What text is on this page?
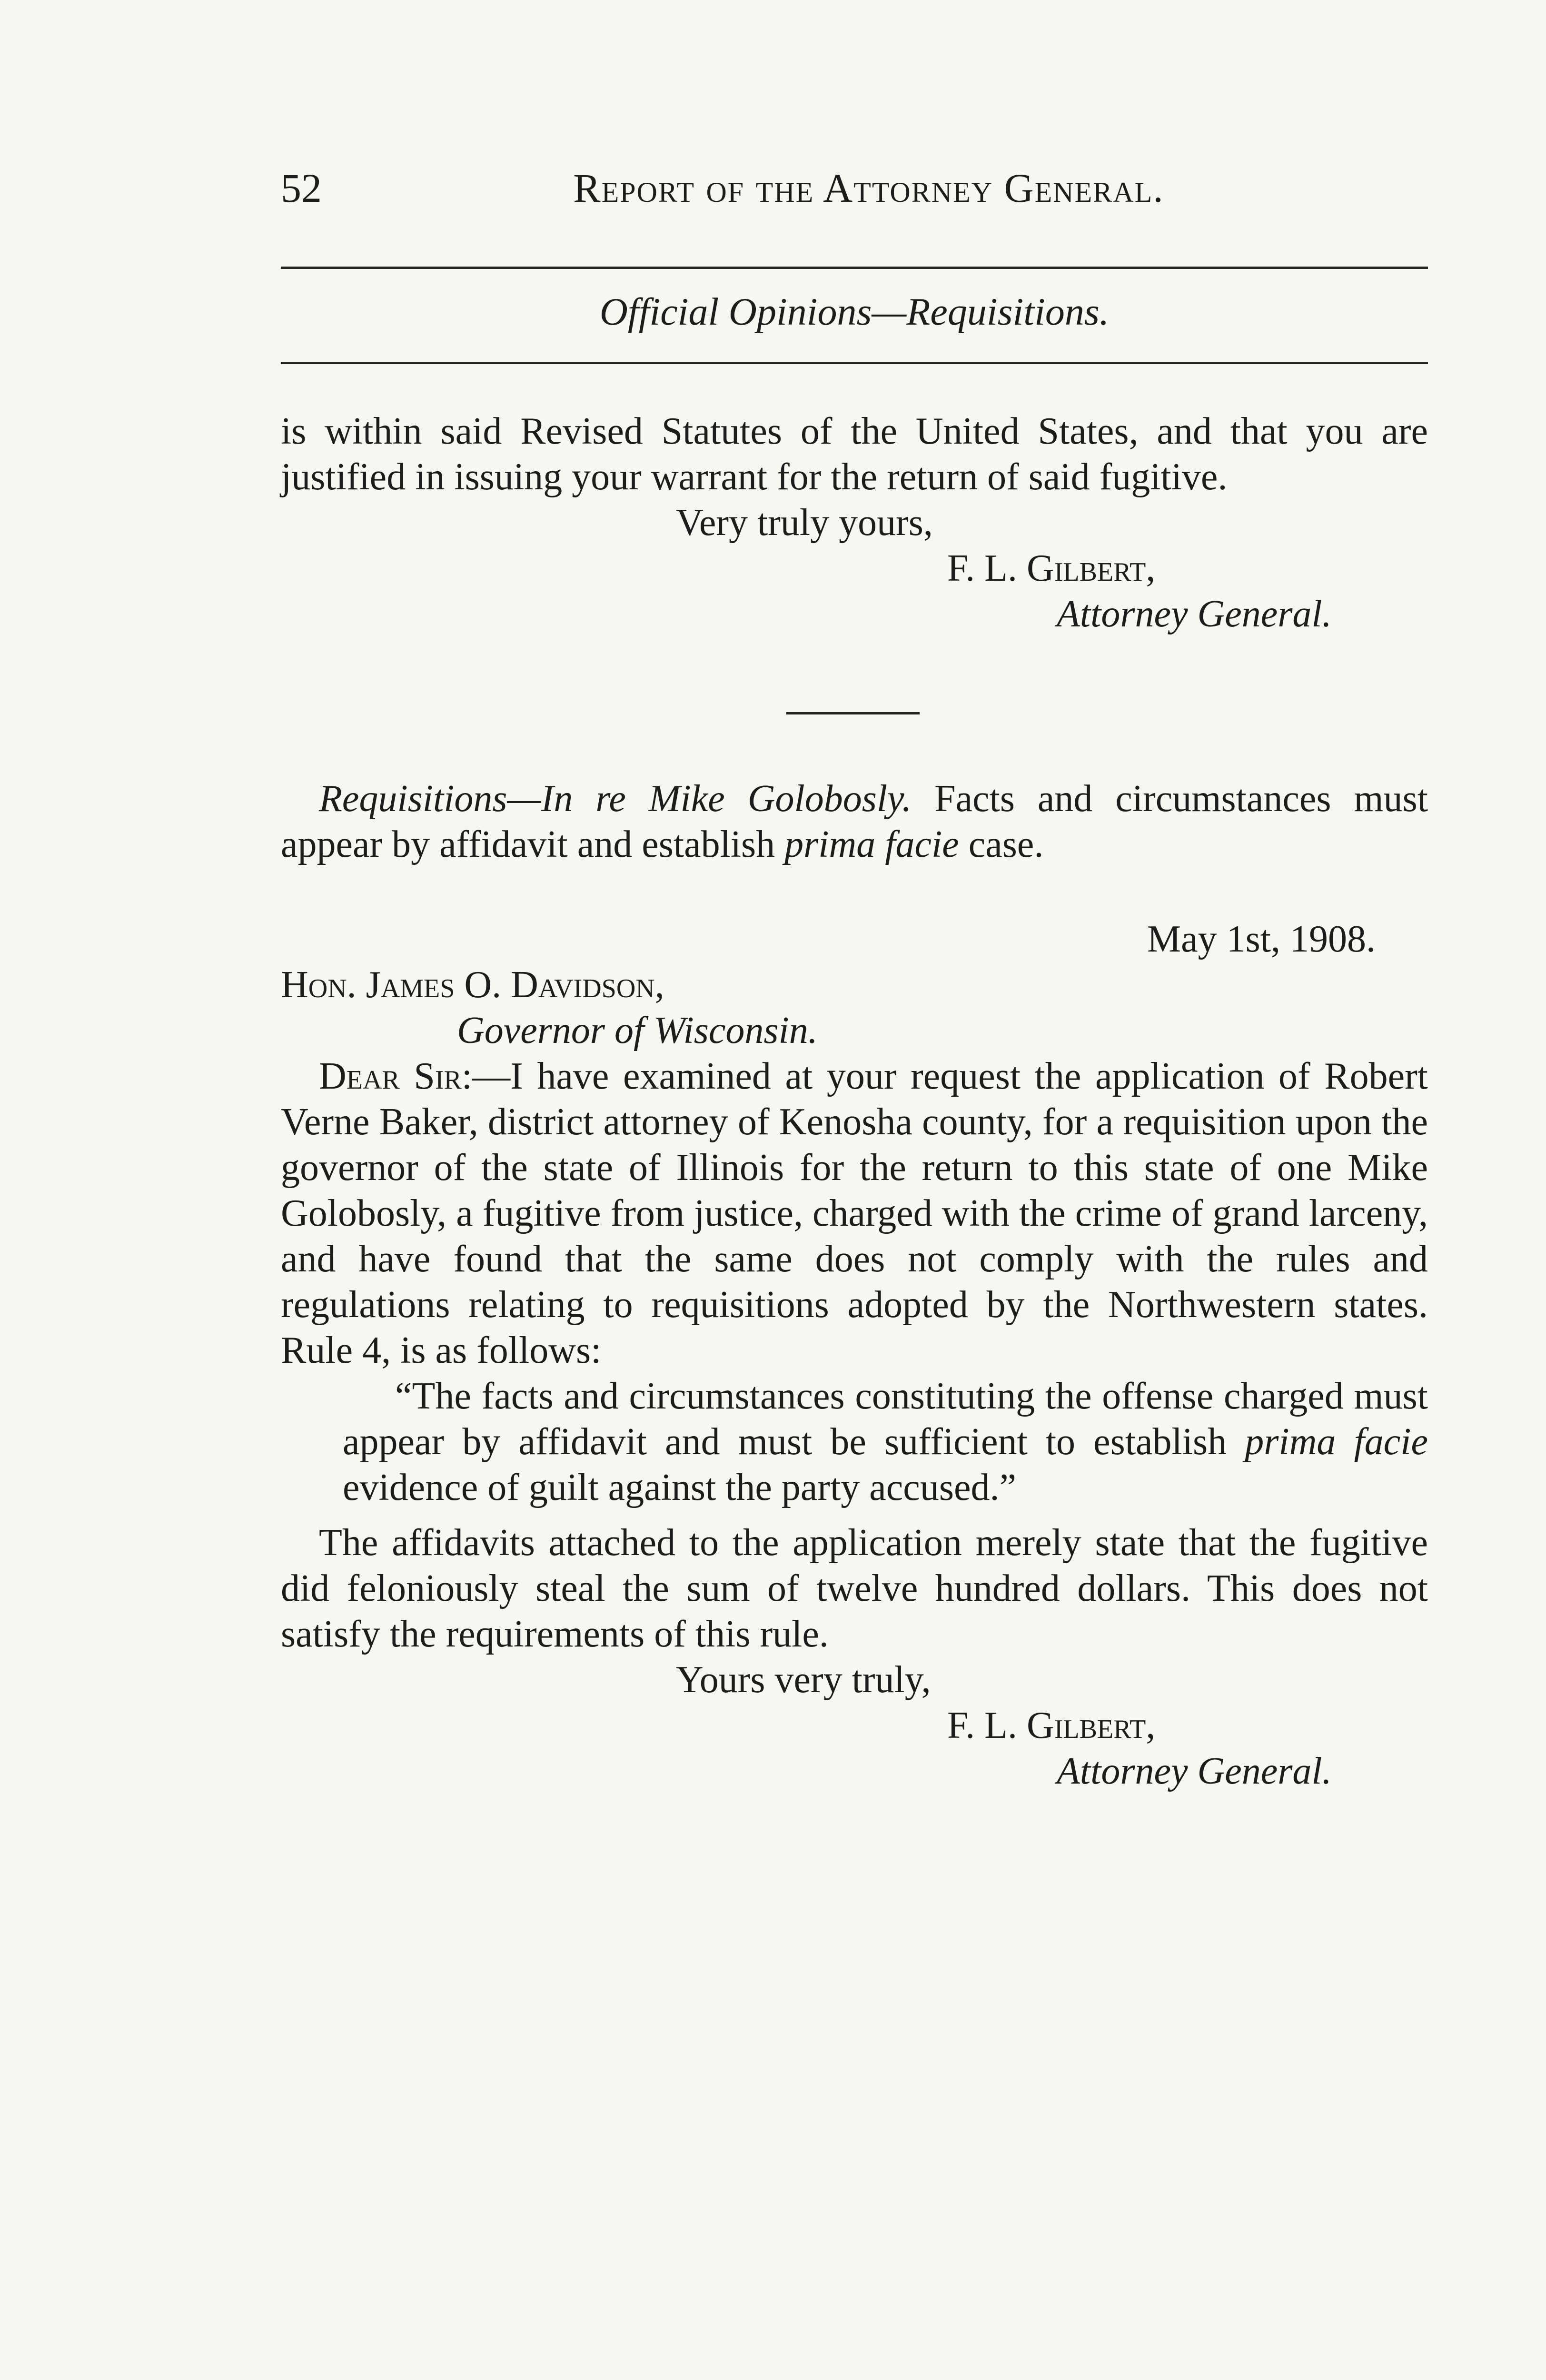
52	Report of the Attorney General.
Official Opinions—Requisitions.

is within said Revised Statutes of the United States, and that you are justified in issuing your warrant for the return of said fugitive.

Very truly yours,
F. L. Gilbert,
Attorney General.

Requisitions—In re Mike Golobosly. Facts and circumstances must appear by affidavit and establish prima facie case.

May 1st, 1908.
Hon. James O. Davidson,
Governor of Wisconsin.

Dear Sir:—I have examined at your request the application of Robert Verne Baker, district attorney of Kenosha county, for a requisition upon the governor of the state of Illinois for the return to this state of one Mike Golobosly, a fugitive from justice, charged with the crime of grand larceny, and have found that the same does not comply with the rules and regulations relating to requisitions adopted by the Northwestern states. Rule 4, is as follows:

“The facts and circumstances constituting the offense charged must appear by affidavit and must be sufficient to establish prima facie evidence of guilt against the party accused.”

The affidavits attached to the application merely state that the fugitive did feloniously steal the sum of twelve hundred dollars. This does not satisfy the requirements of this rule.

Yours very truly,
F. L. Gilbert,
Attorney General.
